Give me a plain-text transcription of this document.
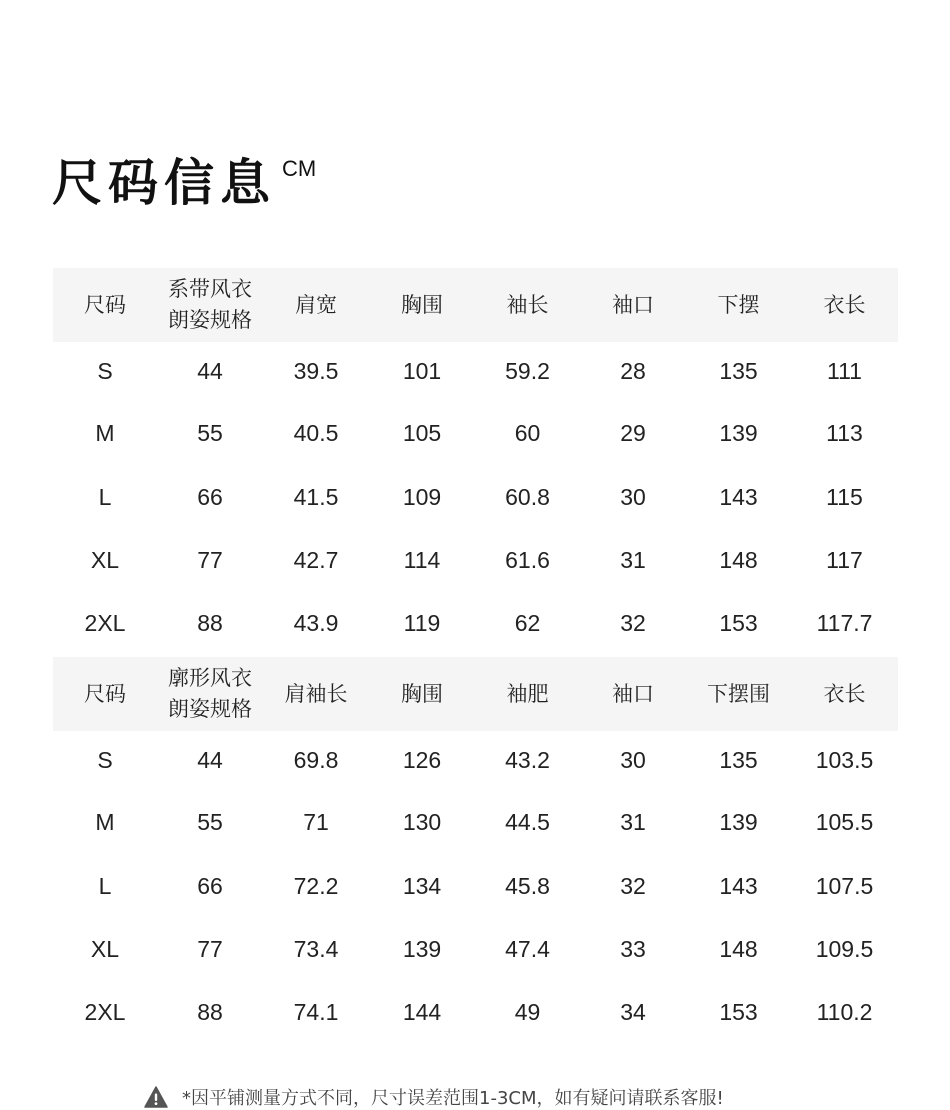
尺码信息 CM
尺码	系带风衣朗姿规格	肩宽	胸围	袖长	袖口	下摆	衣长
S	44	39.5	101	59.2	28	135	111
M	55	40.5	105	60	29	139	113
L	66	41.5	109	60.8	30	143	115
XL	77	42.7	114	61.6	31	148	117
2XL	88	43.9	119	62	32	153	117.7
尺码	廓形风衣朗姿规格	肩袖长	胸围	袖肥	袖口	下摆围	衣长
S	44	69.8	126	43.2	30	135	103.5
M	55	71	130	44.5	31	139	105.5
L	66	72.2	134	45.8	32	143	107.5
XL	77	73.4	139	47.4	33	148	109.5
2XL	88	74.1	144	49	34	153	110.2
*因平铺测量方式不同，尺寸误差范围1-3CM，如有疑问请联系客服!
